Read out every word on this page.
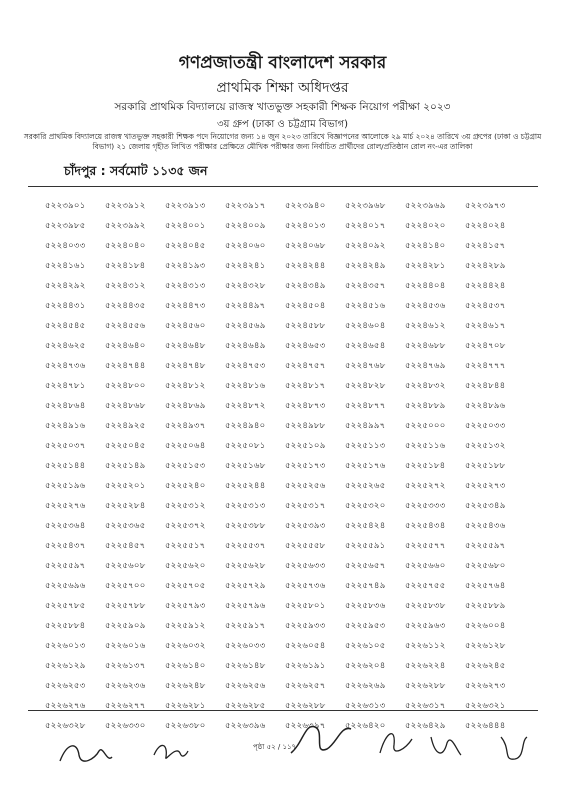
গণপ্রজাতন্ত্রী বাংলাদেশ সরকার
প্রাথমিক শিক্ষা অধিদপ্তর
সরকারি প্রাথমিক বিদ্যালয়ে রাজস্ব খাতভুক্ত সহকারী শিক্ষক নিয়োগ পরীক্ষা ২০২৩
৩য় গ্রুপ (ঢাকা ও চট্টগ্রাম বিভাগ)
সরকারি প্রাথমিক বিদ্যালয়ে রাজস্ব খাতভুক্ত সহকারী শিক্ষক পদে নিয়োগের জন্য ১৪ জুন ২০২৩ তারিখে বিজ্ঞাপনের আলোকে ২৯ মার্চ ২০২৪ তারিখে ৩য় গ্রুপের (ঢাকা ও চট্টগ্রাম বিভাগ) ২১ জেলায় গৃহীত লিখিত পরীক্ষার প্রেক্ষিতে মৌখিক পরীক্ষার জন্য নির্বাচিত প্রার্থীদের রোল/প্রতিষ্ঠান রোল নং-এর তালিকা
চাঁদপুর : সর্বমোট ১১৩৫ জন
৫২২৩৯০১	৫২২৩৯১২	৫২২৩৯১৩	৫২২৩৯১৭	৫২২৩৯৪০	৫২২৩৯৬৮	৫২২৩৯৬৯	৫২২৩৯৭৩
৫২২৩৯৮৫	৫২২৩৯৯২	৫২২৪০০১	৫২২৪০০৯	৫২২৪০১৩	৫২২৪০১৭	৫২২৪০২০	৫২২৪০২৪
৫২২৪০৩৩	৫২২৪০৪০	৫২২৪০৪৫	৫২২৪০৬০	৫২২৪০৬৮	৫২২৪০৯২	৫২২৪১৪০	৫২২৪১৫৭
৫২২৪১৬১	৫২২৪১৮৪	৫২২৪১৯৩	৫২২৪২৪১	৫২২৪২৪৪	৫২২৪২৪৯	৫২২৪২৮১	৫২২৪২৮৯
৫২২৪২৯২	৫২২৪৩১২	৫২২৪৩১৩	৫২২৪৩২৮	৫২২৪৩৪৯	৫২২৪৩৫৭	৫২২৪৪০৪	৫২২৪৪২৪
৫২২৪৪৩১	৫২২৪৪৩৫	৫২২৪৪৭৩	৫২২৪৪৯৭	৫২২৪৫০৪	৫২২৪৫১৬	৫২২৪৫৩৬	৫২২৪৫৩৭
৫২২৪৫৪৫	৫২২৪৫৫৬	৫২২৪৫৬০	৫২২৪৫৬৯	৫২২৪৫৮৮	৫২২৪৬০৪	৫২২৪৬১২	৫২২৪৬১৭
৫২২৪৬২৫	৫২২৪৬৪০	৫২২৪৬৪৮	৫২২৪৬৪৯	৫২২৪৬৫৩	৫২২৪৬৫৪	৫২২৪৬৮৮	৫২২৪৭০৮
৫২২৪৭৩৬	৫২২৪৭৪৪	৫২২৪৭৪৮	৫২২৪৭৫৩	৫২২৪৭৫৭	৫২২৪৭৬৮	৫২২৪৭৬৯	৫২২৪৭৭৭
৫২২৪৭৮১	৫২২৪৮০০	৫২২৪৮১২	৫২২৪৮১৬	৫২২৪৮১৭	৫২২৪৮২৮	৫২২৪৮৩২	৫২২৪৮৪৪
৫২২৪৮৬৪	৫২২৪৮৬৮	৫২২৪৮৬৯	৫২২৪৮৭২	৫২২৪৮৭৩	৫২২৪৮৭৭	৫২২৪৮৮৯	৫২২৪৮৯৬
৫২২৪৯১৬	৫২২৪৯২৫	৫২২৪৯৩৭	৫২২৪৯৪০	৫২২৪৯৮৮	৫২২৪৯৯৭	৫২২৫০০০	৫২২৫০৩৩
৫২২৫০৩৭	৫২২৫০৪৫	৫২২৫০৬৪	৫২২৫০৮১	৫২২৫১০৯	৫২২৫১১৩	৫২২৫১১৬	৫২২৫১৩২
৫২২৫১৪৪	৫২২৫১৪৯	৫২২৫১৫৩	৫২২৫১৬৮	৫২২৫১৭৩	৫২২৫১৭৬	৫২২৫১৮৪	৫২২৫১৮৮
৫২২৫১৯৬	৫২২৫২০১	৫২২৫২৪০	৫২২৫২৪৪	৫২২৫২৫৬	৫২২৫২৬৫	৫২২৫২৭২	৫২২৫২৭৩
৫২২৫২৭৬	৫২২৫২৮৪	৫২২৫৩১২	৫২২৫৩১৩	৫২২৫৩১৭	৫২২৫৩২০	৫২২৫৩৩৩	৫২২৫৩৪৯
৫২২৫৩৬৪	৫২২৫৩৬৫	৫২২৫৩৭২	৫২২৫৩৮৮	৫২২৫৩৯৩	৫২২৫৪২৪	৫২২৫৪৩৪	৫২২৫৪৩৬
৫২২৫৪৩৭	৫২২৫৪৫৭	৫২২৫৫১৭	৫২২৫৫৩৭	৫২২৫৫৫৮	৫২২৫৫৯১	৫২২৫৫৭৭	৫২২৫৫৯৭
৫২২৫৫৯৭	৫২২৫৬০৮	৫২২৫৬২০	৫২২৫৬২৮	৫২২৫৬৩৩	৫২২৫৬৫৭	৫২২৫৬৬০	৫২২৫৬৮০
৫২২৫৬৯৬	৫২২৫৭০০	৫২২৫৭০৫	৫২২৫৭২৯	৫২২৫৭৩৬	৫২২৫৭৪৯	৫২২৫৭৫৫	৫২২৫৭৬৪
৫২২৫৭৮৫	৫২২৫৭৮৮	৫২২৫৭৯৩	৫২২৫৭৯৬	৫২২৫৮০১	৫২২৫৮৩৬	৫২২৫৮৩৮	৫২২৫৮৮৯
৫২২৫৮৮৪	৫২২৫৯০৯	৫২২৫৯১২	৫২২৫৯১৭	৫২২৫৯৩৩	৫২২৫৯৫৩	৫২২৫৯৬৩	৫২২৬০০৪
৫২২৬০১৩	৫২২৬০১৬	৫২২৬০৩২	৫২২৬০৩৩	৫২২৬০৫৪	৫২২৬১০৫	৫২২৬১১২	৫২২৬১২৮
৫২২৬১২৯	৫২২৬১৩৭	৫২২৬১৪০	৫২২৬১৪৮	৫২২৬১৯১	৫২২৬২০৪	৫২২৬২২৪	৫২২৬২৪৫
৫২২৬২৫৩	৫২২৬২৩৬	৫২২৬২৪৮	৫২২৬২৫৬	৫২২৬২৫৭	৫২২৬২৬৯	৫২২৬২৮৮	৫২২৬২৭৩
৫২২৬২৭৬	৫২২৬২৭৭	৫২২৬২৮১	৫২২৬২৮৫	৫২২৬২৮৮	৫২২৬৩১৩	৫২২৬৩১৭	৫২২৬৩২১
৫২২৬৩২৮	৫২২৬৩৩০	৫২২৬৩৮০	৫২২৬৩৯৬	৫২২৬৩৯৭	৫২২৬৪২০	৫২২৬৪২৯	৫২২৬৪৪৪
পৃষ্ঠা ৫২ / ১১৭
